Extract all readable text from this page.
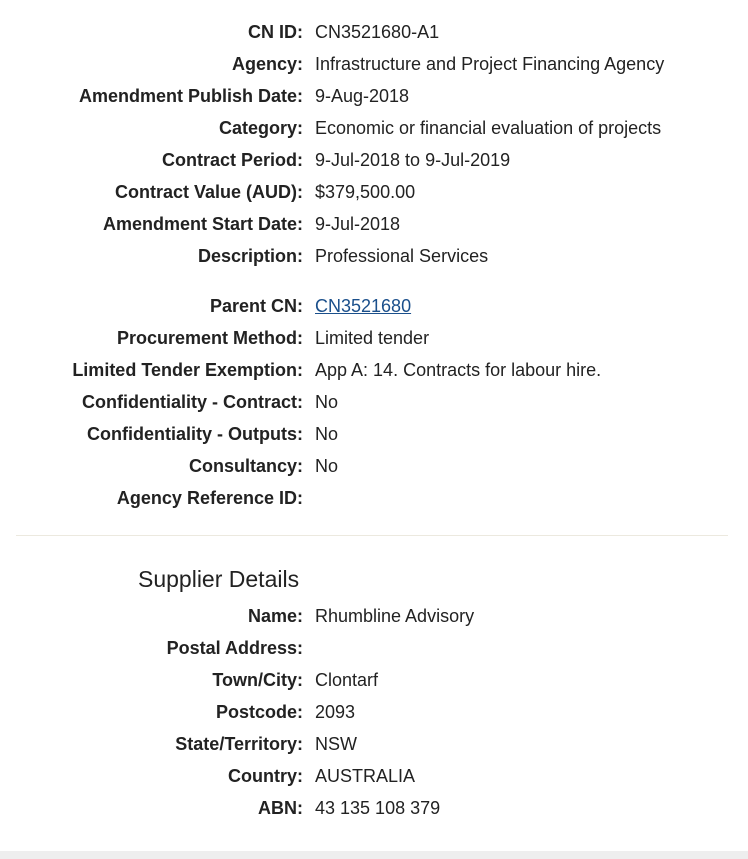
CN ID: CN3521680-A1
Agency: Infrastructure and Project Financing Agency
Amendment Publish Date: 9-Aug-2018
Category: Economic or financial evaluation of projects
Contract Period: 9-Jul-2018 to 9-Jul-2019
Contract Value (AUD): $379,500.00
Amendment Start Date: 9-Jul-2018
Description: Professional Services
Parent CN: CN3521680
Procurement Method: Limited tender
Limited Tender Exemption: App A: 14. Contracts for labour hire.
Confidentiality - Contract: No
Confidentiality - Outputs: No
Consultancy: No
Agency Reference ID:
Supplier Details
Name: Rhumbline Advisory
Postal Address:
Town/City: Clontarf
Postcode: 2093
State/Territory: NSW
Country: AUSTRALIA
ABN: 43 135 108 379
